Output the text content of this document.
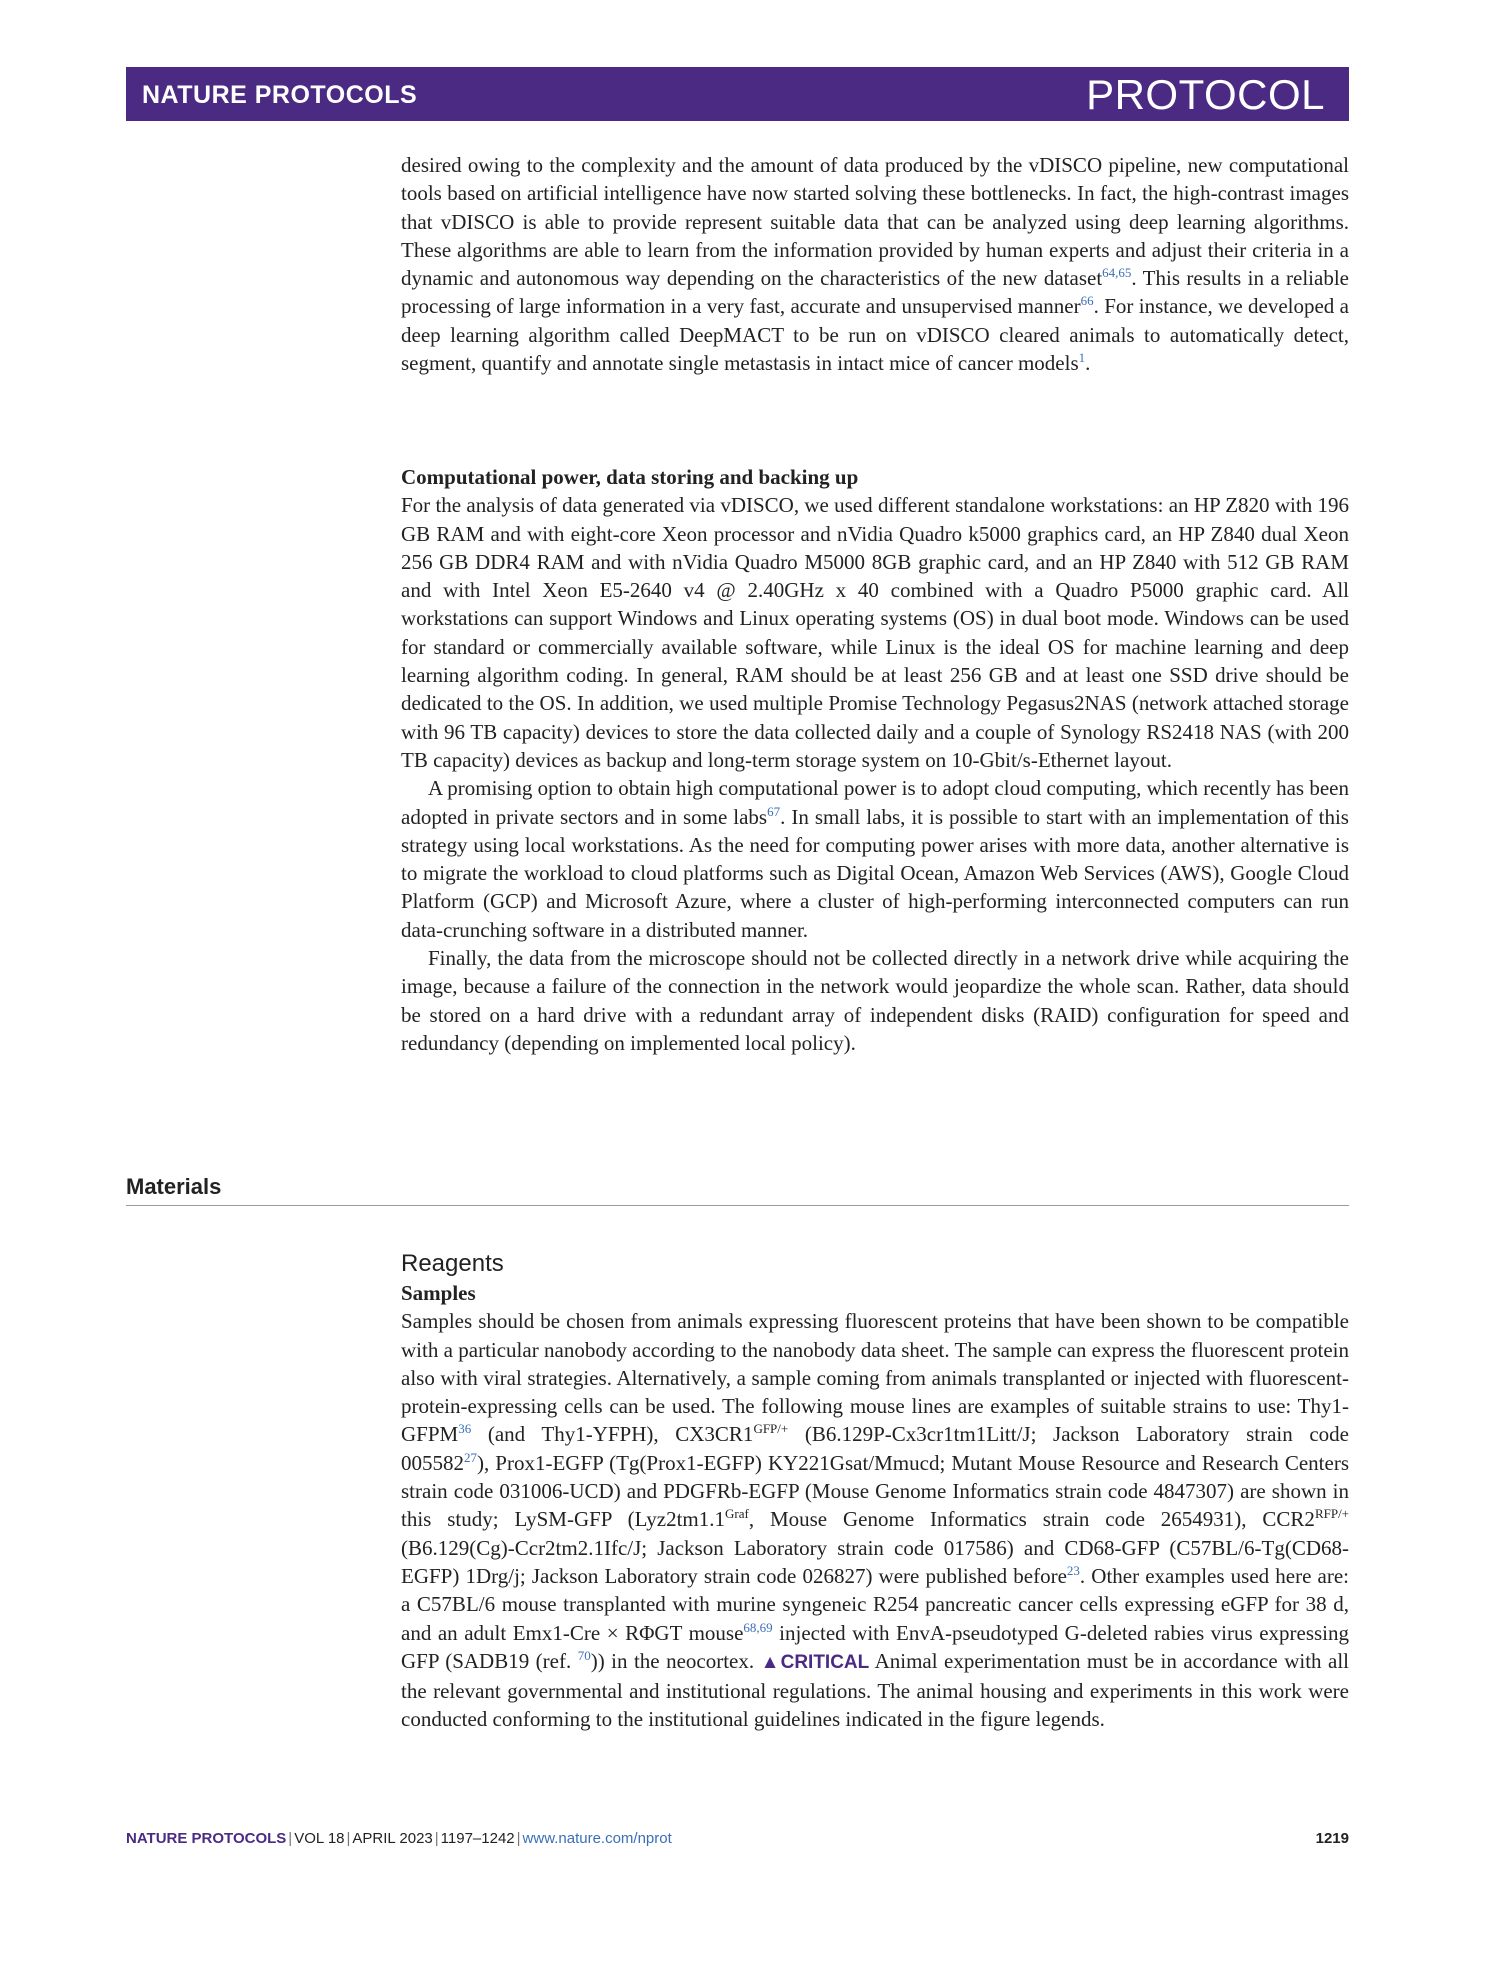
NATURE PROTOCOLS	PROTOCOL

desired owing to the complexity and the amount of data produced by the vDISCO pipeline, new computational tools based on artificial intelligence have now started solving these bottlenecks. In fact, the high-contrast images that vDISCO is able to provide represent suitable data that can be analyzed using deep learning algorithms. These algorithms are able to learn from the information provided by human experts and adjust their criteria in a dynamic and autonomous way depending on the characteristics of the new dataset$^{64,65}$. This results in a reliable processing of large information in a very fast, accurate and unsupervised manner$^{66}$. For instance, we developed a deep learning algorithm called DeepMACT to be run on vDISCO cleared animals to automatically detect, segment, quantify and annotate single metastasis in intact mice of cancer models$^1$.

Computational power, data storing and backing up

For the analysis of data generated via vDISCO, we used different standalone workstations: an HP Z820 with 196 GB RAM and with eight-core Xeon processor and nVidia Quadro k5000 graphics card, an HP Z840 dual Xeon 256 GB DDR4 RAM and with nVidia Quadro M5000 8GB graphic card, and an HP Z840 with 512 GB RAM and with Intel Xeon E5-2640 v4 @ 2.40GHz x 40 combined with a Quadro P5000 graphic card. All workstations can support Windows and Linux operating systems (OS) in dual boot mode. Windows can be used for standard or commercially available software, while Linux is the ideal OS for machine learning and deep learning algorithm coding. In general, RAM should be at least 256 GB and at least one SSD drive should be dedicated to the OS. In addition, we used multiple Promise Technology Pegasus2NAS (network attached storage with 96 TB capacity) devices to store the data collected daily and a couple of Synology RS2418 NAS (with 200 TB capacity) devices as backup and long-term storage system on 10-Gbit/s-Ethernet layout.

A promising option to obtain high computational power is to adopt cloud computing, which recently has been adopted in private sectors and in some labs$^{67}$. In small labs, it is possible to start with an implementation of this strategy using local workstations. As the need for computing power arises with more data, another alternative is to migrate the workload to cloud platforms such as Digital Ocean, Amazon Web Services (AWS), Google Cloud Platform (GCP) and Microsoft Azure, where a cluster of high-performing interconnected computers can run data-crunching software in a distributed manner.

Finally, the data from the microscope should not be collected directly in a network drive while acquiring the image, because a failure of the connection in the network would jeopardize the whole scan. Rather, data should be stored on a hard drive with a redundant array of independent disks (RAID) configuration for speed and redundancy (depending on implemented local policy).

Materials

Reagents

Samples

Samples should be chosen from animals expressing fluorescent proteins that have been shown to be compatible with a particular nanobody according to the nanobody data sheet. The sample can express the fluorescent protein also with viral strategies. Alternatively, a sample coming from animals transplanted or injected with fluorescent-protein-expressing cells can be used. The following mouse lines are examples of suitable strains to use: Thy1-GFPM$^{36}$ (and Thy1-YFPH), $CX3CR1^{GFP/+}$ (B6.129P-Cx3cr1tm1Litt/J; Jackson Laboratory strain code 005582$^{27}$), Prox1-EGFP (Tg(Prox1-EGFP) KY221Gsat/Mmucd; Mutant Mouse Resource and Research Centers strain code 031006-UCD) and PDGFRb-EGFP (Mouse Genome Informatics strain code 4847307) are shown in this study; LySM-GFP ($Lyz2tm1.1^{Graf}$, Mouse Genome Informatics strain code 2654931), $CCR2^{RFP/+}$ (B6.129(Cg)-Ccr2tm2.1Ifc/J; Jackson Laboratory strain code 017586) and CD68-GFP (C57BL/6-Tg(CD68-EGFP) 1Drg/j; Jackson Laboratory strain code 026827) were published before$^{23}$. Other examples used here are: a C57BL/6 mouse transplanted with murine syngeneic R254 pancreatic cancer cells expressing eGFP for 38 d, and an adult Emx1-Cre × RΦGT mouse$^{68,69}$ injected with EnvA-pseudotyped G-deleted rabies virus expressing GFP (SADB19 (ref. $^{70}$)) in the neocortex. ▲CRITICAL Animal experimentation must be in accordance with all the relevant governmental and institutional regulations. The animal housing and experiments in this work were conducted conforming to the institutional guidelines indicated in the figure legends.

NATURE PROTOCOLS | VOL 18 | APRIL 2023 | 1197–1242 | www.nature.com/nprot	1219
